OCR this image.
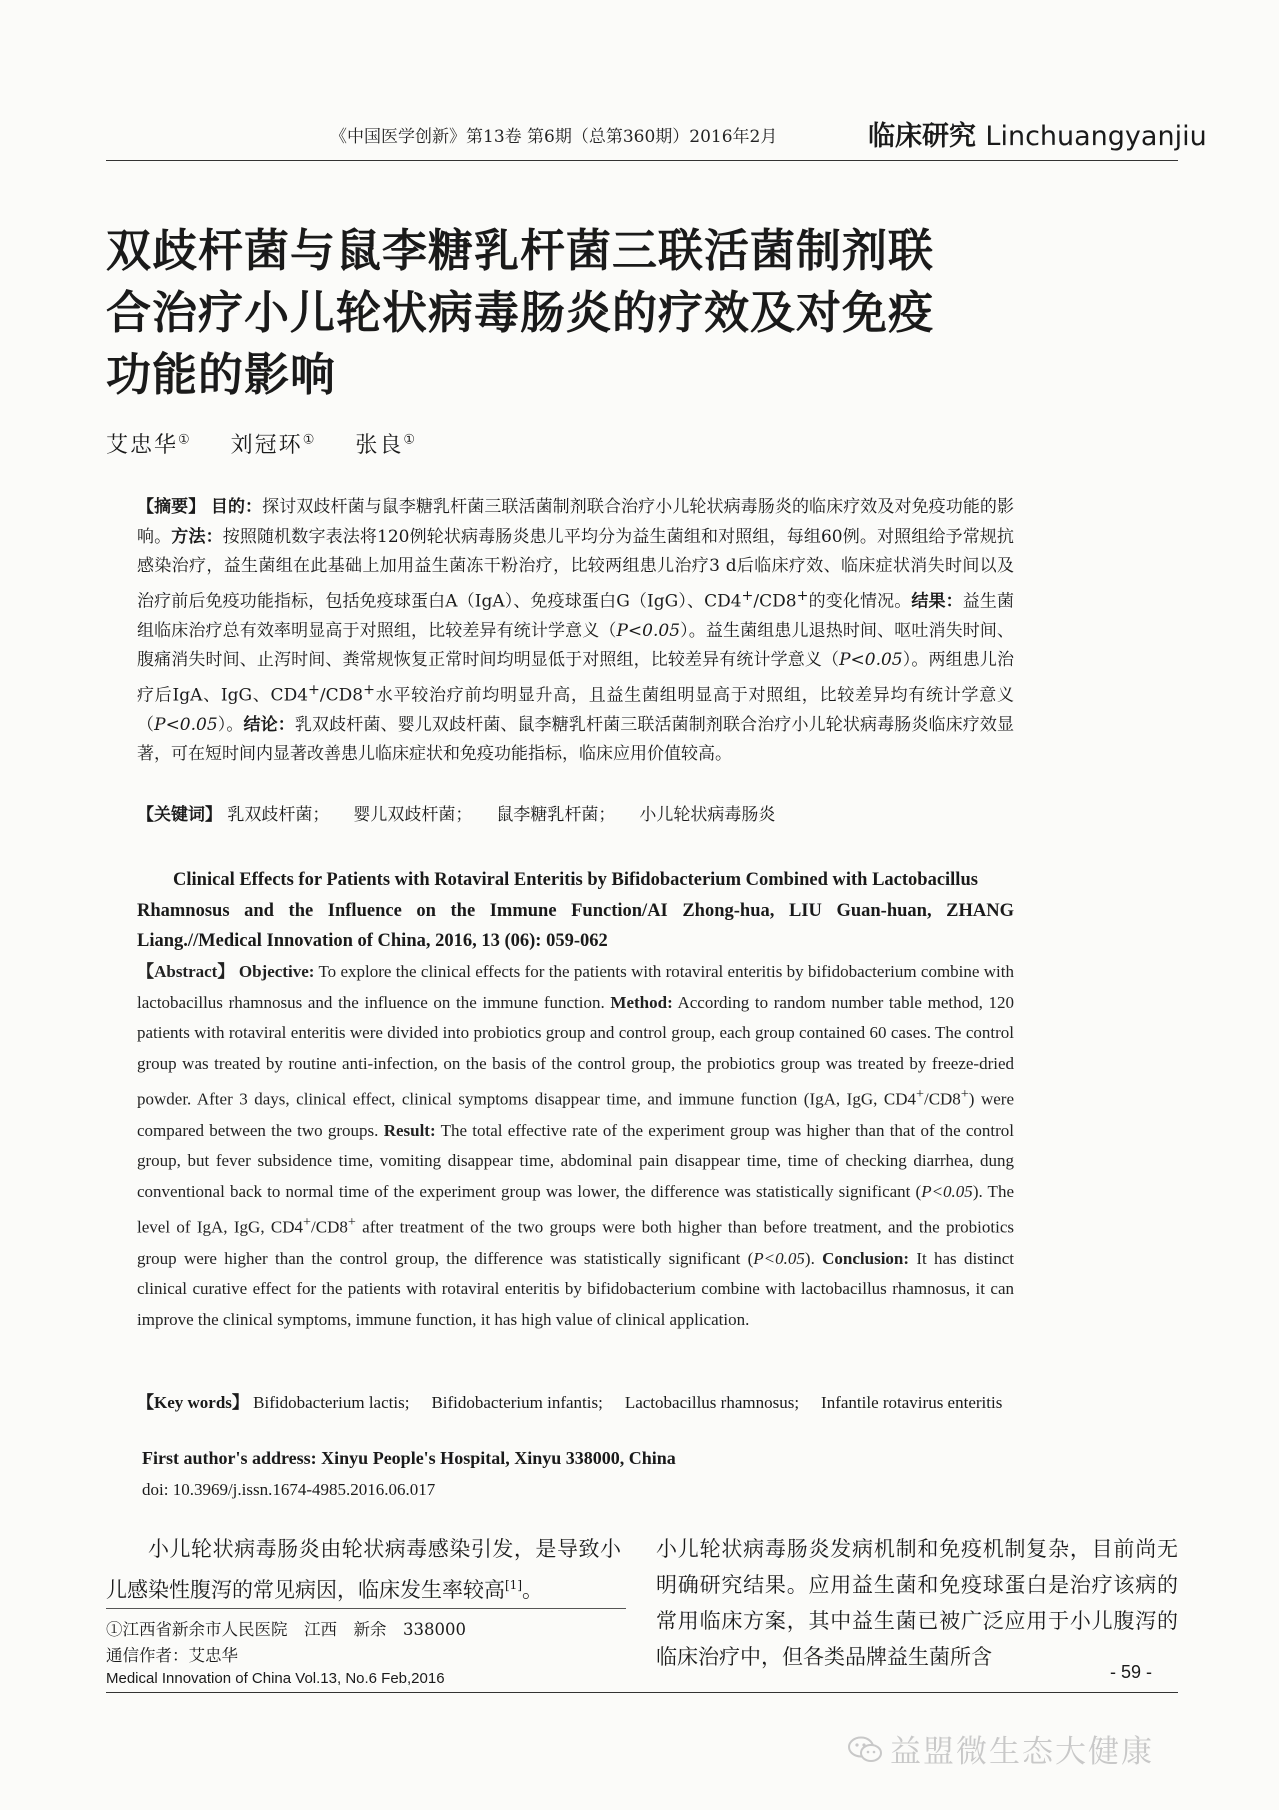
《中国医学创新》第13卷 第6期（总第360期）2016年2月	临床研究 Linchuangyanjiu
双歧杆菌与鼠李糖乳杆菌三联活菌制剂联
合治疗小儿轮状病毒肠炎的疗效及对免疫
功能的影响
艾忠华① 刘冠环① 张良①
【摘要】 目的：探讨双歧杆菌与鼠李糖乳杆菌三联活菌制剂联合治疗小儿轮状病毒肠炎的临床疗效及对免疫功能的影响。方法：按照随机数字表法将120例轮状病毒肠炎患儿平均分为益生菌组和对照组，每组60例。对照组给予常规抗感染治疗，益生菌组在此基础上加用益生菌冻干粉治疗，比较两组患儿治疗3 d后临床疗效、临床症状消失时间以及治疗前后免疫功能指标，包括免疫球蛋白A（IgA）、免疫球蛋白G（IgG）、CD4+/CD8+的变化情况。结果：益生菌组临床治疗总有效率明显高于对照组，比较差异有统计学意义（P<0.05）。益生菌组患儿退热时间、呕吐消失时间、腹痛消失时间、止泻时间、粪常规恢复正常时间均明显低于对照组，比较差异有统计学意义（P<0.05）。两组患儿治疗后IgA、IgG、CD4+/CD8+水平较治疗前均明显升高，且益生菌组明显高于对照组，比较差异均有统计学意义（P<0.05）。结论：乳双歧杆菌、婴儿双歧杆菌、鼠李糖乳杆菌三联活菌制剂联合治疗小儿轮状病毒肠炎临床疗效显著，可在短时间内显著改善患儿临床症状和免疫功能指标，临床应用价值较高。
【关键词】 乳双歧杆菌； 婴儿双歧杆菌； 鼠李糖乳杆菌； 小儿轮状病毒肠炎
Clinical Effects for Patients with Rotaviral Enteritis by Bifidobacterium Combined with Lactobacillus
Rhamnosus and the Influence on the Immune Function/AI Zhong-hua, LIU Guan-huan, ZHANG Liang.//Medical Innovation of China, 2016, 13 (06): 059-062
【Abstract】 Objective: To explore the clinical effects for the patients with rotaviral enteritis by bifidobacterium combine with lactobacillus rhamnosus and the influence on the immune function. Method: According to random number table method, 120 patients with rotaviral enteritis were divided into probiotics group and control group, each group contained 60 cases. The control group was treated by routine anti-infection, on the basis of the control group, the probiotics group was treated by freeze-dried powder. After 3 days, clinical effect, clinical symptoms disappear time, and immune function (IgA, IgG, CD4+/CD8+) were compared between the two groups. Result: The total effective rate of the experiment group was higher than that of the control group, but fever subsidence time, vomiting disappear time, abdominal pain disappear time, time of checking diarrhea, dung conventional back to normal time of the experiment group was lower, the difference was statistically significant (P<0.05). The level of IgA, IgG, CD4+/CD8+ after treatment of the two groups were both higher than before treatment, and the probiotics group were higher than the control group, the difference was statistically significant (P<0.05). Conclusion: It has distinct clinical curative effect for the patients with rotaviral enteritis by bifidobacterium combine with lactobacillus rhamnosus, it can improve the clinical symptoms, immune function, it has high value of clinical application.
【Key words】 Bifidobacterium lactis; Bifidobacterium infantis; Lactobacillus rhamnosus; Infantile rotavirus enteritis
First author's address: Xinyu People's Hospital, Xinyu 338000, China
doi: 10.3969/j.issn.1674-4985.2016.06.017

小儿轮状病毒肠炎由轮状病毒感染引发，是导致小儿感染性腹泻的常见病因，临床发生率较高[1]。

小儿轮状病毒肠炎发病机制和免疫机制复杂，目前尚无明确研究结果。应用益生菌和免疫球蛋白是治疗该病的常用临床方案，其中益生菌已被广泛应用于小儿腹泻的临床治疗中，但各类品牌益生菌所含

①江西省新余市人民医院　江西　新余　338000
通信作者：艾忠华
Medical Innovation of China Vol.13, No.6 Feb,2016	- 59 -
益盟微生态大健康
